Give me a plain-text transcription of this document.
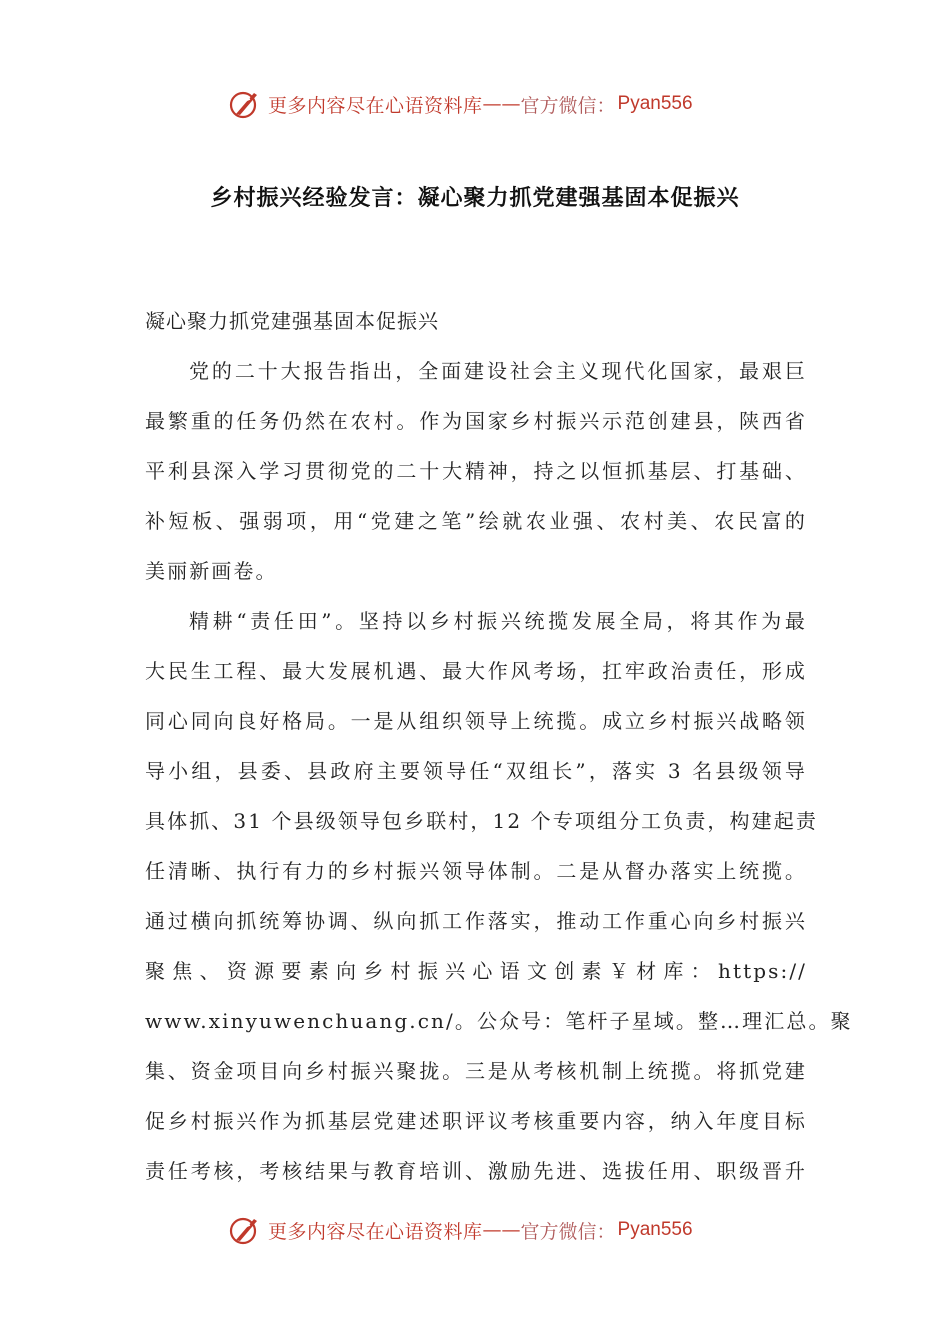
更多内容尽在心语资料库 —— 官方微信： Pyan556
乡村振兴经验发言：凝心聚力抓党建强基固本促振兴
凝心聚力抓党建强基固本促振兴
党的二十大报告指出，全面建设社会主义现代化国家，最艰巨
最繁重的任务仍然在农村。作为国家乡村振兴示范创建县，陕西省
平利县深入学习贯彻党的二十大精神，持之以恒抓基层、打基础、
补短板、强弱项，用“党建之笔”绘就农业强、农村美、农民富的
美丽新画卷。
精耕“责任田”。坚持以乡村振兴统揽发展全局，将其作为最
大民生工程、最大发展机遇、最大作风考场，扛牢政治责任，形成
同心同向良好格局。一是从组织领导上统揽。成立乡村振兴战略领
导小组，县委、县政府主要领导任“双组长”，落实 3 名县级领导
具体抓、31 个县级领导包乡联村，12 个专项组分工负责，构建起责
任清晰、执行有力的乡村振兴领导体制。二是从督办落实上统揽。
通过横向抓统筹协调、纵向抓工作落实，推动工作重心向乡村振兴
聚焦、资源要素向乡村振兴心语文创素￥材库：https://
www.xinyuwenchuang.cn/。公众号：笔杆子星域。整…理汇总。聚
集、资金项目向乡村振兴聚拢。三是从考核机制上统揽。将抓党建
促乡村振兴作为抓基层党建述职评议考核重要内容，纳入年度目标
责任考核，考核结果与教育培训、激励先进、选拔任用、职级晋升
更多内容尽在心语资料库 —— 官方微信： Pyan556
